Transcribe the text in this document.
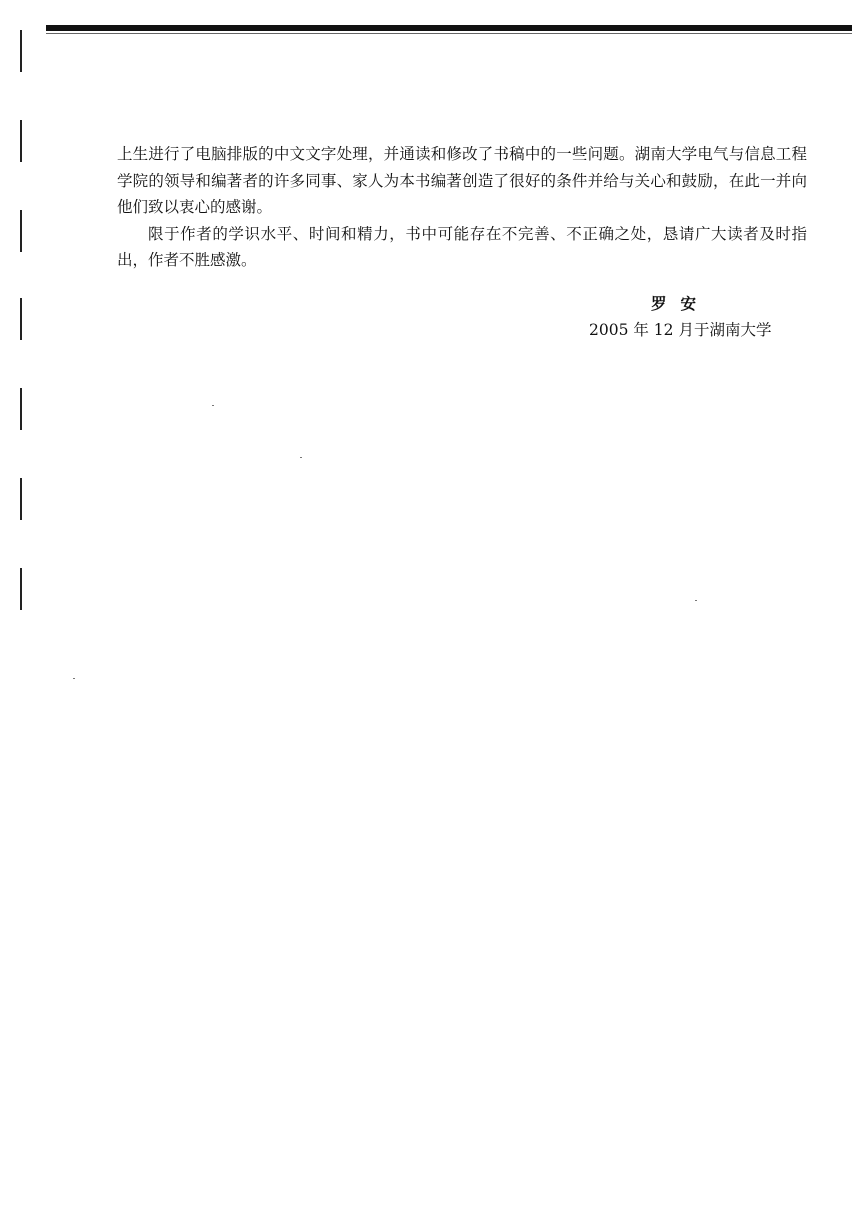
上生进行了电脑排版的中文文字处理，并通读和修改了书稿中的一些问题。湖南大学电气与信息工程学院的领导和编著者的许多同事、家人为本书编著创造了很好的条件并给与关心和鼓励，在此一并向他们致以衷心的感谢。

限于作者的学识水平、时间和精力，书中可能存在不完善、不正确之处，恳请广大读者及时指出，作者不胜感激。

罗安
2005 年 12 月于湖南大学
